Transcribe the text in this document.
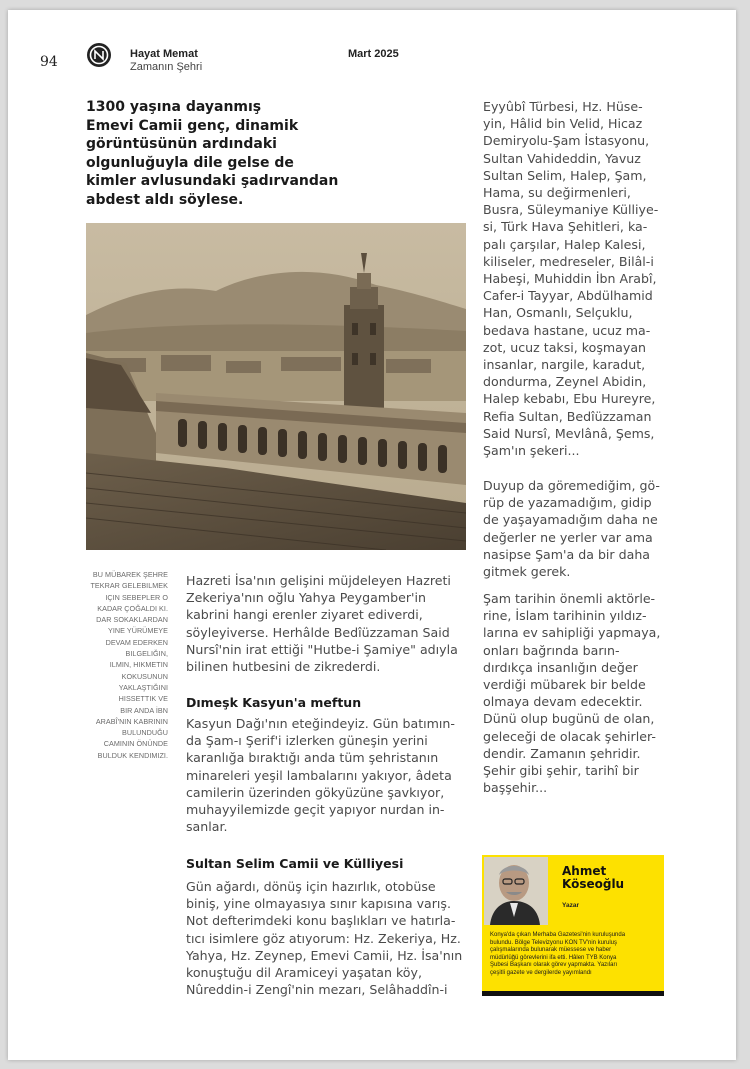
94	Hayat Memat
Zamanın Şehri
Mart 2025
1300 yaşına dayanmış
Emevi Camii genç, dinamik
görüntüsünün ardındaki
olgunluğuyla dile gelse de
kimler avlusundaki şadırvandan
abdest aldı söylese.
BU MÜBAREK ŞEHRE
TEKRAR GELEBILMEK
IÇIN SEBEPLER O
KADAR ÇOĞALDI KI.
DAR SOKAKLARDAN
YINE YÜRÜMEYE
DEVAM EDERKEN
BILGELIĞIN,
ILMIN, HIKMETIN
KOKUSUNUN
YAKLAŞTIĞINI
HISSETTIK VE
BIR ANDA İBN
ARABÎ'NIN KABRININ
BULUNDUĞU
CAMININ ÖNÜNDE
BULDUK KENDIMIZI.
Hazreti İsa'nın gelişini müjdeleyen Hazreti
Zekeriya'nın oğlu Yahya Peygamber'in
kabrini hangi erenler ziyaret ediverdi,
söyleyiverse. Herhâlde Bedîüzzaman Said
Nursî'nin irat ettiği "Hutbe-i Şamiye" adıyla
bilinen hutbesini de zikrederdi.
Dımeşk Kasyun'a meftun
Kasyun Dağı'nın eteğindeyiz. Gün batımın-
da Şam-ı Şerif'i izlerken güneşin yerini
karanlığa bıraktığı anda tüm şehristanın
minareleri yeşil lambalarını yakıyor, âdeta
camilerin üzerinden gökyüzüne şavkıyor,
muhayyilemizde geçit yapıyor nurdan in-
sanlar.
Sultan Selim Camii ve Külliyesi
Gün ağardı, dönüş için hazırlık, otobüse
biniş, yine olmayasıya sınır kapısına varış.
Not defterimdeki konu başlıkları ve hatırla-
tıcı isimlere göz atıyorum: Hz. Zekeriya, Hz.
Yahya, Hz. Zeynep, Emevi Camii, Hz. İsa'nın
konuştuğu dil Aramiceyi yaşatan köy,
Nûreddin-i Zengî'nin mezarı, Selâhaddîn-i
Eyyûbî Türbesi, Hz. Hüse-
yin, Hâlid bin Velid, Hicaz
Demiryolu-Şam İstasyonu,
Sultan Vahideddin, Yavuz
Sultan Selim, Halep, Şam,
Hama, su değirmenleri,
Busra, Süleymaniye Külliye-
si, Türk Hava Şehitleri, ka-
palı çarşılar, Halep Kalesi,
kiliseler, medreseler, Bilâl-i
Habeşi, Muhiddin İbn Arabî,
Cafer-i Tayyar, Abdülhamid
Han, Osmanlı, Selçuklu,
bedava hastane, ucuz ma-
zot, ucuz taksi, koşmayan
insanlar, nargile, karadut,
dondurma, Zeynel Abidin,
Halep kebabı, Ebu Hureyre,
Refia Sultan, Bedîüzzaman
Said Nursî, Mevlânâ, Şems,
Şam'ın şekeri...
Duyup da göremediğim, gö-
rüp de yazamadığım, gidip
de yaşayamadığım daha ne
değerler ne yerler var ama
nasipse Şam'a da bir daha
gitmek gerek.
Şam tarihin önemli aktörle-
rine, İslam tarihinin yıldız-
larına ev sahipliği yapmaya,
onları bağrında barın-
dırdıkça insanlığın değer
verdiği mübarek bir belde
olmaya devam edecektir.
Dünü olup bugünü de olan,
geleceği de olacak şehirler-
dendir. Zamanın şehridir.
Şehir gibi şehir, tarihî bir
başşehir...
Ahmet
Köseoğlu
Yazar
Konya'da çıkan Merhaba Gazetesi'nin kuruluşunda
bulundu. Bölge Televizyonu KON TV'nin kuruluş
çalışmalarında bulunarak müessese ve haber
müdürlüğü görevlerini ifa etti. Hâlen TYB Konya
Şubesi Başkanı olarak görev yapmakta. Yazıları
çeşitli gazete ve dergilerde yayımlandı
